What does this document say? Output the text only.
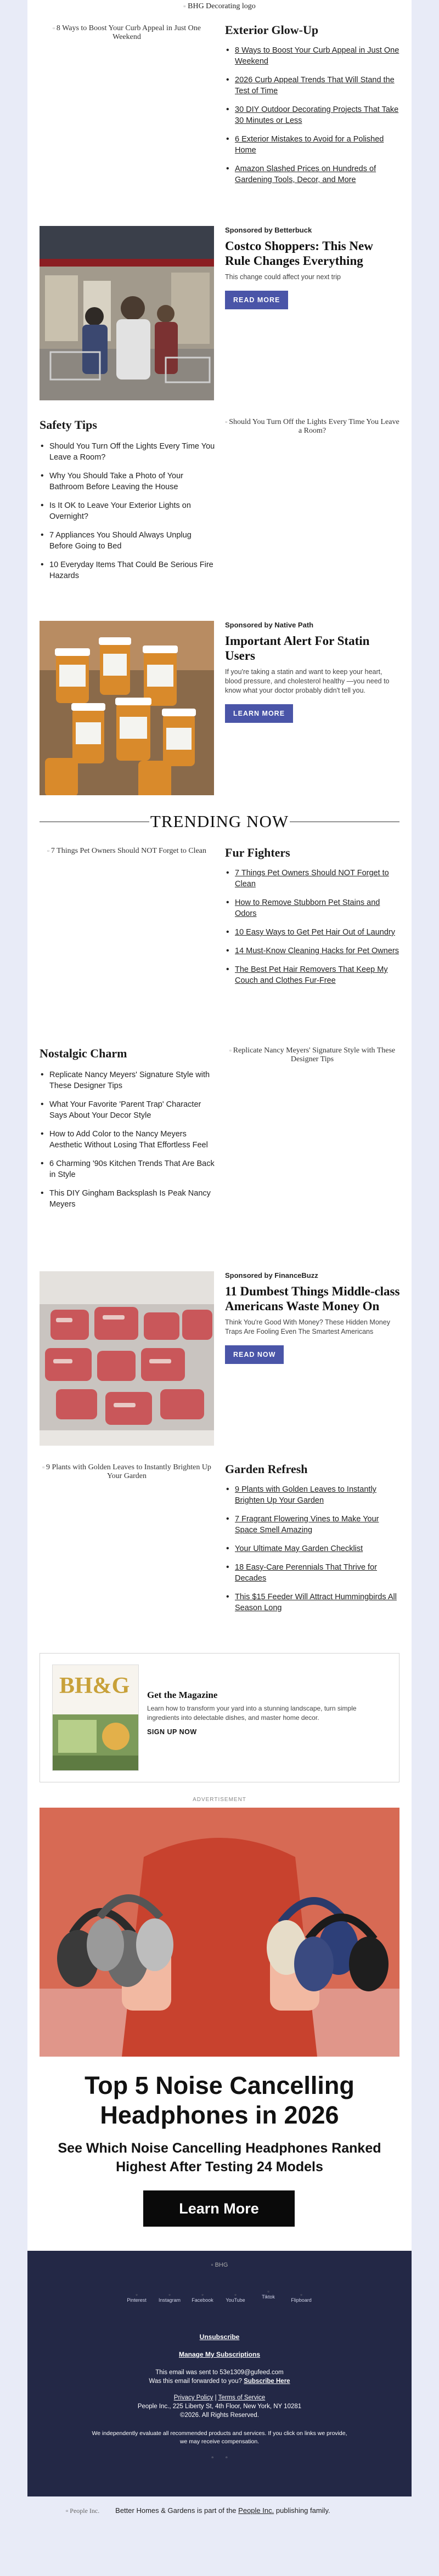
▫ BHG Decorating logo
▫ 8 Ways to Boost Your Curb Appeal in Just One Weekend
Exterior Glow-Up
• 8 Ways to Boost Your Curb Appeal in Just One Weekend
• 2026 Curb Appeal Trends That Will Stand the Test of Time
• 30 DIY Outdoor Decorating Projects That Take 30 Minutes or Less
• 6 Exterior Mistakes to Avoid for a Polished Home
• Amazon Slashed Prices on Hundreds of Gardening Tools, Decor, and More
Sponsored by Betterbuck
Costco Shoppers: This New Rule Changes Everything
This change could affect your next trip
READ MORE
Safety Tips
• Should You Turn Off the Lights Every Time You Leave a Room?
• Why You Should Take a Photo of Your Bathroom Before Leaving the House
• Is It OK to Leave Your Exterior Lights on Overnight?
• 7 Appliances You Should Always Unplug Before Going to Bed
• 10 Everyday Items That Could Be Serious Fire Hazards
▫ Should You Turn Off the Lights Every Time You Leave a Room?
Sponsored by Native Path
Important Alert For Statin Users
If you're taking a statin and want to keep your heart, blood pressure, and cholesterol healthy —you need to know what your doctor probably didn't tell you.
LEARN MORE
TRENDING NOW
▫ 7 Things Pet Owners Should NOT Forget to Clean	Fur Fighters
• 7 Things Pet Owners Should NOT Forget to Clean
• How to Remove Stubborn Pet Stains and Odors
• 10 Easy Ways to Get Pet Hair Out of Laundry
• 14 Must-Know Cleaning Hacks for Pet Owners
• The Best Pet Hair Removers That Keep My Couch and Clothes Fur-Free
Nostalgic Charm
• Replicate Nancy Meyers' Signature Style with These Designer Tips
• What Your Favorite 'Parent Trap' Character Says About Your Decor Style
• How to Add Color to the Nancy Meyers Aesthetic Without Losing That Effortless Feel
• 6 Charming '90s Kitchen Trends That Are Back in Style
• This DIY Gingham Backsplash Is Peak Nancy Meyers
▫ Replicate Nancy Meyers' Signature Style with These Designer Tips
Sponsored by FinanceBuzz
11 Dumbest Things Middle-class Americans Waste Money On
Think You're Good With Money? These Hidden Money Traps Are Fooling Even The Smartest Americans
READ NOW
▫ 9 Plants with Golden Leaves to Instantly Brighten Up Your Garden
Garden Refresh
• 9 Plants with Golden Leaves to Instantly Brighten Up Your Garden
• 7 Fragrant Flowering Vines to Make Your Space Smell Amazing
• Your Ultimate May Garden Checklist
• 18 Easy-Care Perennials That Thrive for Decades
• This $15 Feeder Will Attract Hummingbirds All Season Long
BH&G Get the Magazine

Learn how to transform your yard into a stunning landscape, turn simple ingredients into delectable dishes, and master home decor.

SIGN UP NOW
ADVERTISEMENT
Top 5 Noise Cancelling Headphones in 2026
See Which Noise Cancelling Headphones Ranked Highest After Testing 24 Models
Learn More
▫ BHG
▫
Pinterest
▫
Instagram
▫
Facebook
▫
YouTube
▫
Tiktok	▫
Flipboard
Unsubscribe
Manage My Subscriptions
This email was sent to 53e1309@gufeed.com
Was this email forwarded to you? Subscribe Here
Privacy Policy | Terms of Service
People Inc., 225 Liberty St, 4th Floor, New York, NY 10281
©2026. All Rights Reserved.
We independently evaluate all recommended products and services. If you click on links we provide, we may receive compensation.
▫ ▫
▫ People Inc. Better Homes & Gardens is part of the People Inc. publishing family.
